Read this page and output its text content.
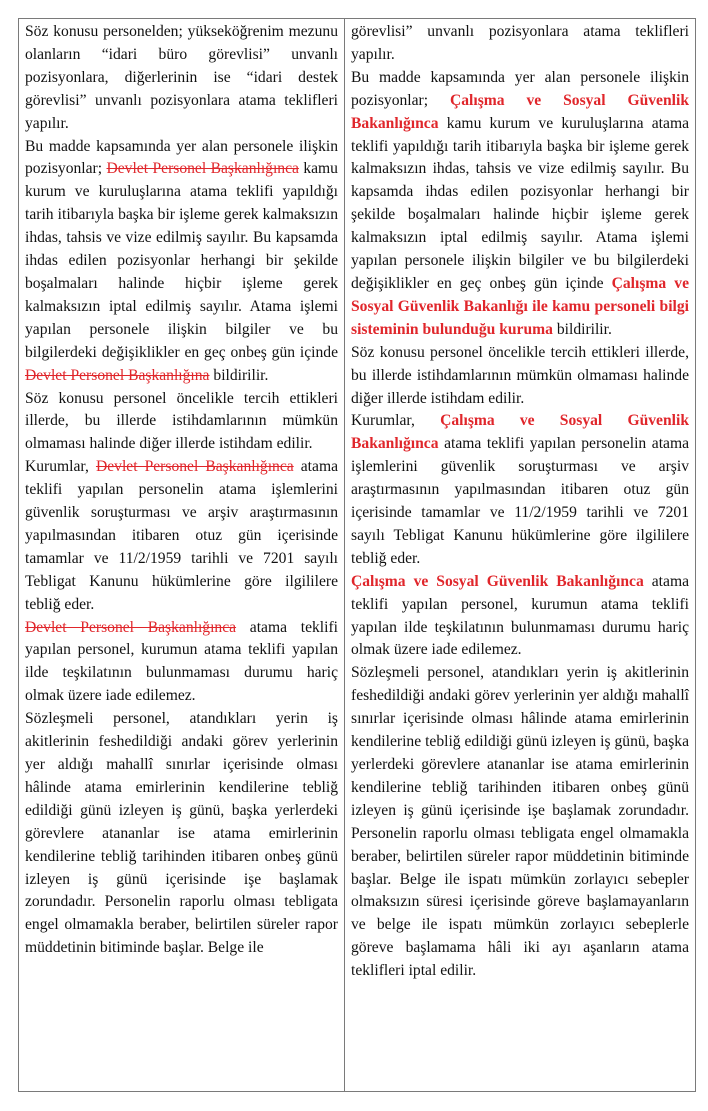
Söz konusu personelden; yükseköğrenim mezunu olanların “idari büro görevlisi” unvanlı pozisyonlara, diğerlerinin ise “idari destek görevlisi” unvanlı pozisyonlara atama teklifleri yapılır.

Bu madde kapsamında yer alan personele ilişkin pozisyonlar; Devlet Personel Başkanlığınca kamu kurum ve kuruluşlarına atama teklifi yapıldığı tarih itibarıyla başka bir işleme gerek kalmaksızın ihdas, tahsis ve vize edilmiş sayılır. Bu kapsamda ihdas edilen pozisyonlar herhangi bir şekilde boşalmaları halinde hiçbir işleme gerek kalmaksızın iptal edilmiş sayılır. Atama işlemi yapılan personele ilişkin bilgiler ve bu bilgilerdeki değişiklikler en geç onbeş gün içinde Devlet Personel Başkanlığına bildirilir.

Söz konusu personel öncelikle tercih ettikleri illerde, bu illerde istihdamlarının mümkün olmaması halinde diğer illerde istihdam edilir.

Kurumlar, Devlet Personel Başkanlığınca atama teklifi yapılan personelin atama işlemlerini güvenlik soruşturması ve arşiv araştırmasının yapılmasından itibaren otuz gün içerisinde tamamlar ve 11/2/1959 tarihli ve 7201 sayılı Tebligat Kanunu hükümlerine göre ilgililere tebliğ eder.

Devlet Personel Başkanlığınca atama teklifi yapılan personel, kurumun atama teklifi yapılan ilde teşkilatının bulunmaması durumu hariç olmak üzere iade edilemez.

Sözleşmeli personel, atandıkları yerin iş akitlerinin feshedildiği andaki görev yerlerinin yer aldığı mahallî sınırlar içerisinde olması hâlinde atama emirlerinin kendilerine tebliğ edildiği günü izleyen iş günü, başka yerlerdeki görevlere atananlar ise atama emirlerinin kendilerine tebliğ tarihinden itibaren onbeş günü izleyen iş günü içerisinde işe başlamak zorundadır. Personelin raporlu olması tebligata engel olmamakla beraber, belirtilen süreler rapor müddetinin bitiminde başlar. Belge ile

görevlisi” unvanlı pozisyonlara atama teklifleri yapılır.

Bu madde kapsamında yer alan personele ilişkin pozisyonlar; Çalışma ve Sosyal Güvenlik Bakanlığınca kamu kurum ve kuruluşlarına atama teklifi yapıldığı tarih itibarıyla başka bir işleme gerek kalmaksızın ihdas, tahsis ve vize edilmiş sayılır. Bu kapsamda ihdas edilen pozisyonlar herhangi bir şekilde boşalmaları halinde hiçbir işleme gerek kalmaksızın iptal edilmiş sayılır. Atama işlemi yapılan personele ilişkin bilgiler ve bu bilgilerdeki değişiklikler en geç onbeş gün içinde Çalışma ve Sosyal Güvenlik Bakanlığı ile kamu personeli bilgi sisteminin bulunduğu kuruma bildirilir.

Söz konusu personel öncelikle tercih ettikleri illerde, bu illerde istihdamlarının mümkün olmaması halinde diğer illerde istihdam edilir.

Kurumlar, Çalışma ve Sosyal Güvenlik Bakanlığınca atama teklifi yapılan personelin atama işlemlerini güvenlik soruşturması ve arşiv araştırmasının yapılmasından itibaren otuz gün içerisinde tamamlar ve 11/2/1959 tarihli ve 7201 sayılı Tebligat Kanunu hükümlerine göre ilgililere tebliğ eder.

Çalışma ve Sosyal Güvenlik Bakanlığınca atama teklifi yapılan personel, kurumun atama teklifi yapılan ilde teşkilatının bulunmaması durumu hariç olmak üzere iade edilemez.

Sözleşmeli personel, atandıkları yerin iş akitlerinin feshedildiği andaki görev yerlerinin yer aldığı mahallî sınırlar içerisinde olması hâlinde atama emirlerinin kendilerine tebliğ edildiği günü izleyen iş günü, başka yerlerdeki görevlere atananlar ise atama emirlerinin kendilerine tebliğ tarihinden itibaren onbeş günü izleyen iş günü içerisinde işe başlamak zorundadır. Personelin raporlu olması tebligata engel olmamakla beraber, belirtilen süreler rapor müddetinin bitiminde başlar. Belge ile ispatı mümkün zorlayıcı sebepler olmaksızın süresi içerisinde göreve başlamayanların ve belge ile ispatı mümkün zorlayıcı sebeplerle göreve başlamama hâli iki ayı aşanların atama teklifleri iptal edilir.
